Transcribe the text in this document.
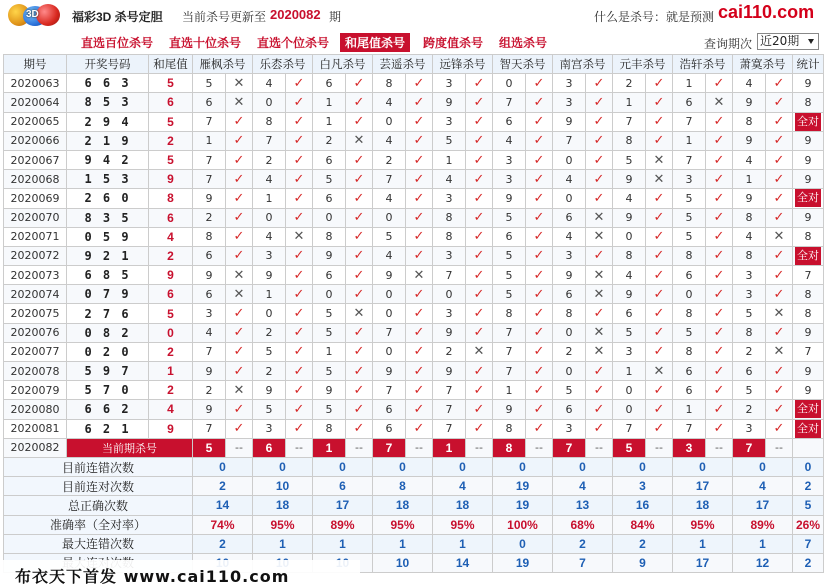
3D	福彩3D 杀号定胆 当前杀号更新至 2020082 期	什么是杀号：就是预测 cai110.com
直选百位杀号 直选十位杀号 直选个位杀号	和尾值杀号	跨度值杀号 组选杀号	查询期次 近20期
期号	开奖号码	和尾值	雁枫杀号		乐枩杀号		白凡杀号		芸遥杀号		远锋杀号		智天杀号		南宫杀号		元丰杀号		浩轩杀号		萧寞杀号		统计
2020063	6 6 3	5	5	✕	4	✓	6	✓	8	✓	3	✓	0	✓	3	✓	2	✓	1	✓	4	✓	9
2020064	8 5 3	6	6	✕	0	✓	1	✓	4	✓	9	✓	7	✓	3	✓	1	✓	6	✕	9	✓	8
2020065	2 9 4	5	7	✓	8	✓	1	✓	0	✓	3	✓	6	✓	9	✓	7	✓	7	✓	8	✓	全对
2020066	2 1 9	2	1	✓	7	✓	2	✕	4	✓	5	✓	4	✓	7	✓	8	✓	1	✓	9	✓	9
2020067	9 4 2	5	7	✓	2	✓	6	✓	2	✓	1	✓	3	✓	0	✓	5	✕	7	✓	4	✓	9
2020068	1 5 3	9	7	✓	4	✓	5	✓	7	✓	4	✓	3	✓	4	✓	9	✕	3	✓	1	✓	9
2020069	2 6 0	8	9	✓	1	✓	6	✓	4	✓	3	✓	9	✓	0	✓	4	✓	5	✓	9	✓	全对
2020070	8 3 5	6	2	✓	0	✓	0	✓	0	✓	8	✓	5	✓	6	✕	9	✓	5	✓	8	✓	9
2020071	0 5 9	4	8	✓	4	✕	8	✓	5	✓	8	✓	6	✓	4	✕	0	✓	5	✓	4	✕	8
2020072	9 2 1	2	6	✓	3	✓	9	✓	4	✓	3	✓	5	✓	3	✓	8	✓	8	✓	8	✓	全对
2020073	6 8 5	9	9	✕	9	✓	6	✓	9	✕	7	✓	5	✓	9	✕	4	✓	6	✓	3	✓	7
2020074	0 7 9	6	6	✕	1	✓	0	✓	0	✓	0	✓	5	✓	6	✕	9	✓	0	✓	3	✓	8
2020075	2 7 6	5	3	✓	0	✓	5	✕	0	✓	3	✓	8	✓	8	✓	6	✓	8	✓	5	✕	8
2020076	0 8 2	0	4	✓	2	✓	5	✓	7	✓	9	✓	7	✓	0	✕	5	✓	5	✓	8	✓	9
2020077	0 2 0	2	7	✓	5	✓	1	✓	0	✓	2	✕	7	✓	2	✕	3	✓	8	✓	2	✕	7
2020078	5 9 7	1	9	✓	2	✓	5	✓	9	✓	9	✓	7	✓	0	✓	1	✕	6	✓	6	✓	9
2020079	5 7 0	2	2	✕	9	✓	9	✓	7	✓	7	✓	1	✓	5	✓	0	✓	6	✓	5	✓	9
2020080	6 6 2	4	9	✓	5	✓	5	✓	6	✓	7	✓	9	✓	6	✓	0	✓	1	✓	2	✓	全对
2020081	6 2 1	9	7	✓	3	✓	8	✓	6	✓	7	✓	8	✓	3	✓	7	✓	7	✓	3	✓	全对
2020082	当前期杀号		5	--	6	--	1	--	7	--	1	--	8	--	7	--	5	--	3	--	7	--	
目前连错次数			0		0		0		0		0		0		0		0		0		0		0
目前连对次数			2		10		6		8		4		19		4		3		17		4		2
总正确次数			14		18		17		18		18		19		13		16		18		17		5
准确率（全对率）			74%		95%		89%		95%		95%		100%		68%		84%		95%		89%		26%
最大连错次数			2		1		1		1		1		0		2		2		1		1		7
				10		14		19		7		9		17		12		2
布衣天下首发 www.cai110.com
